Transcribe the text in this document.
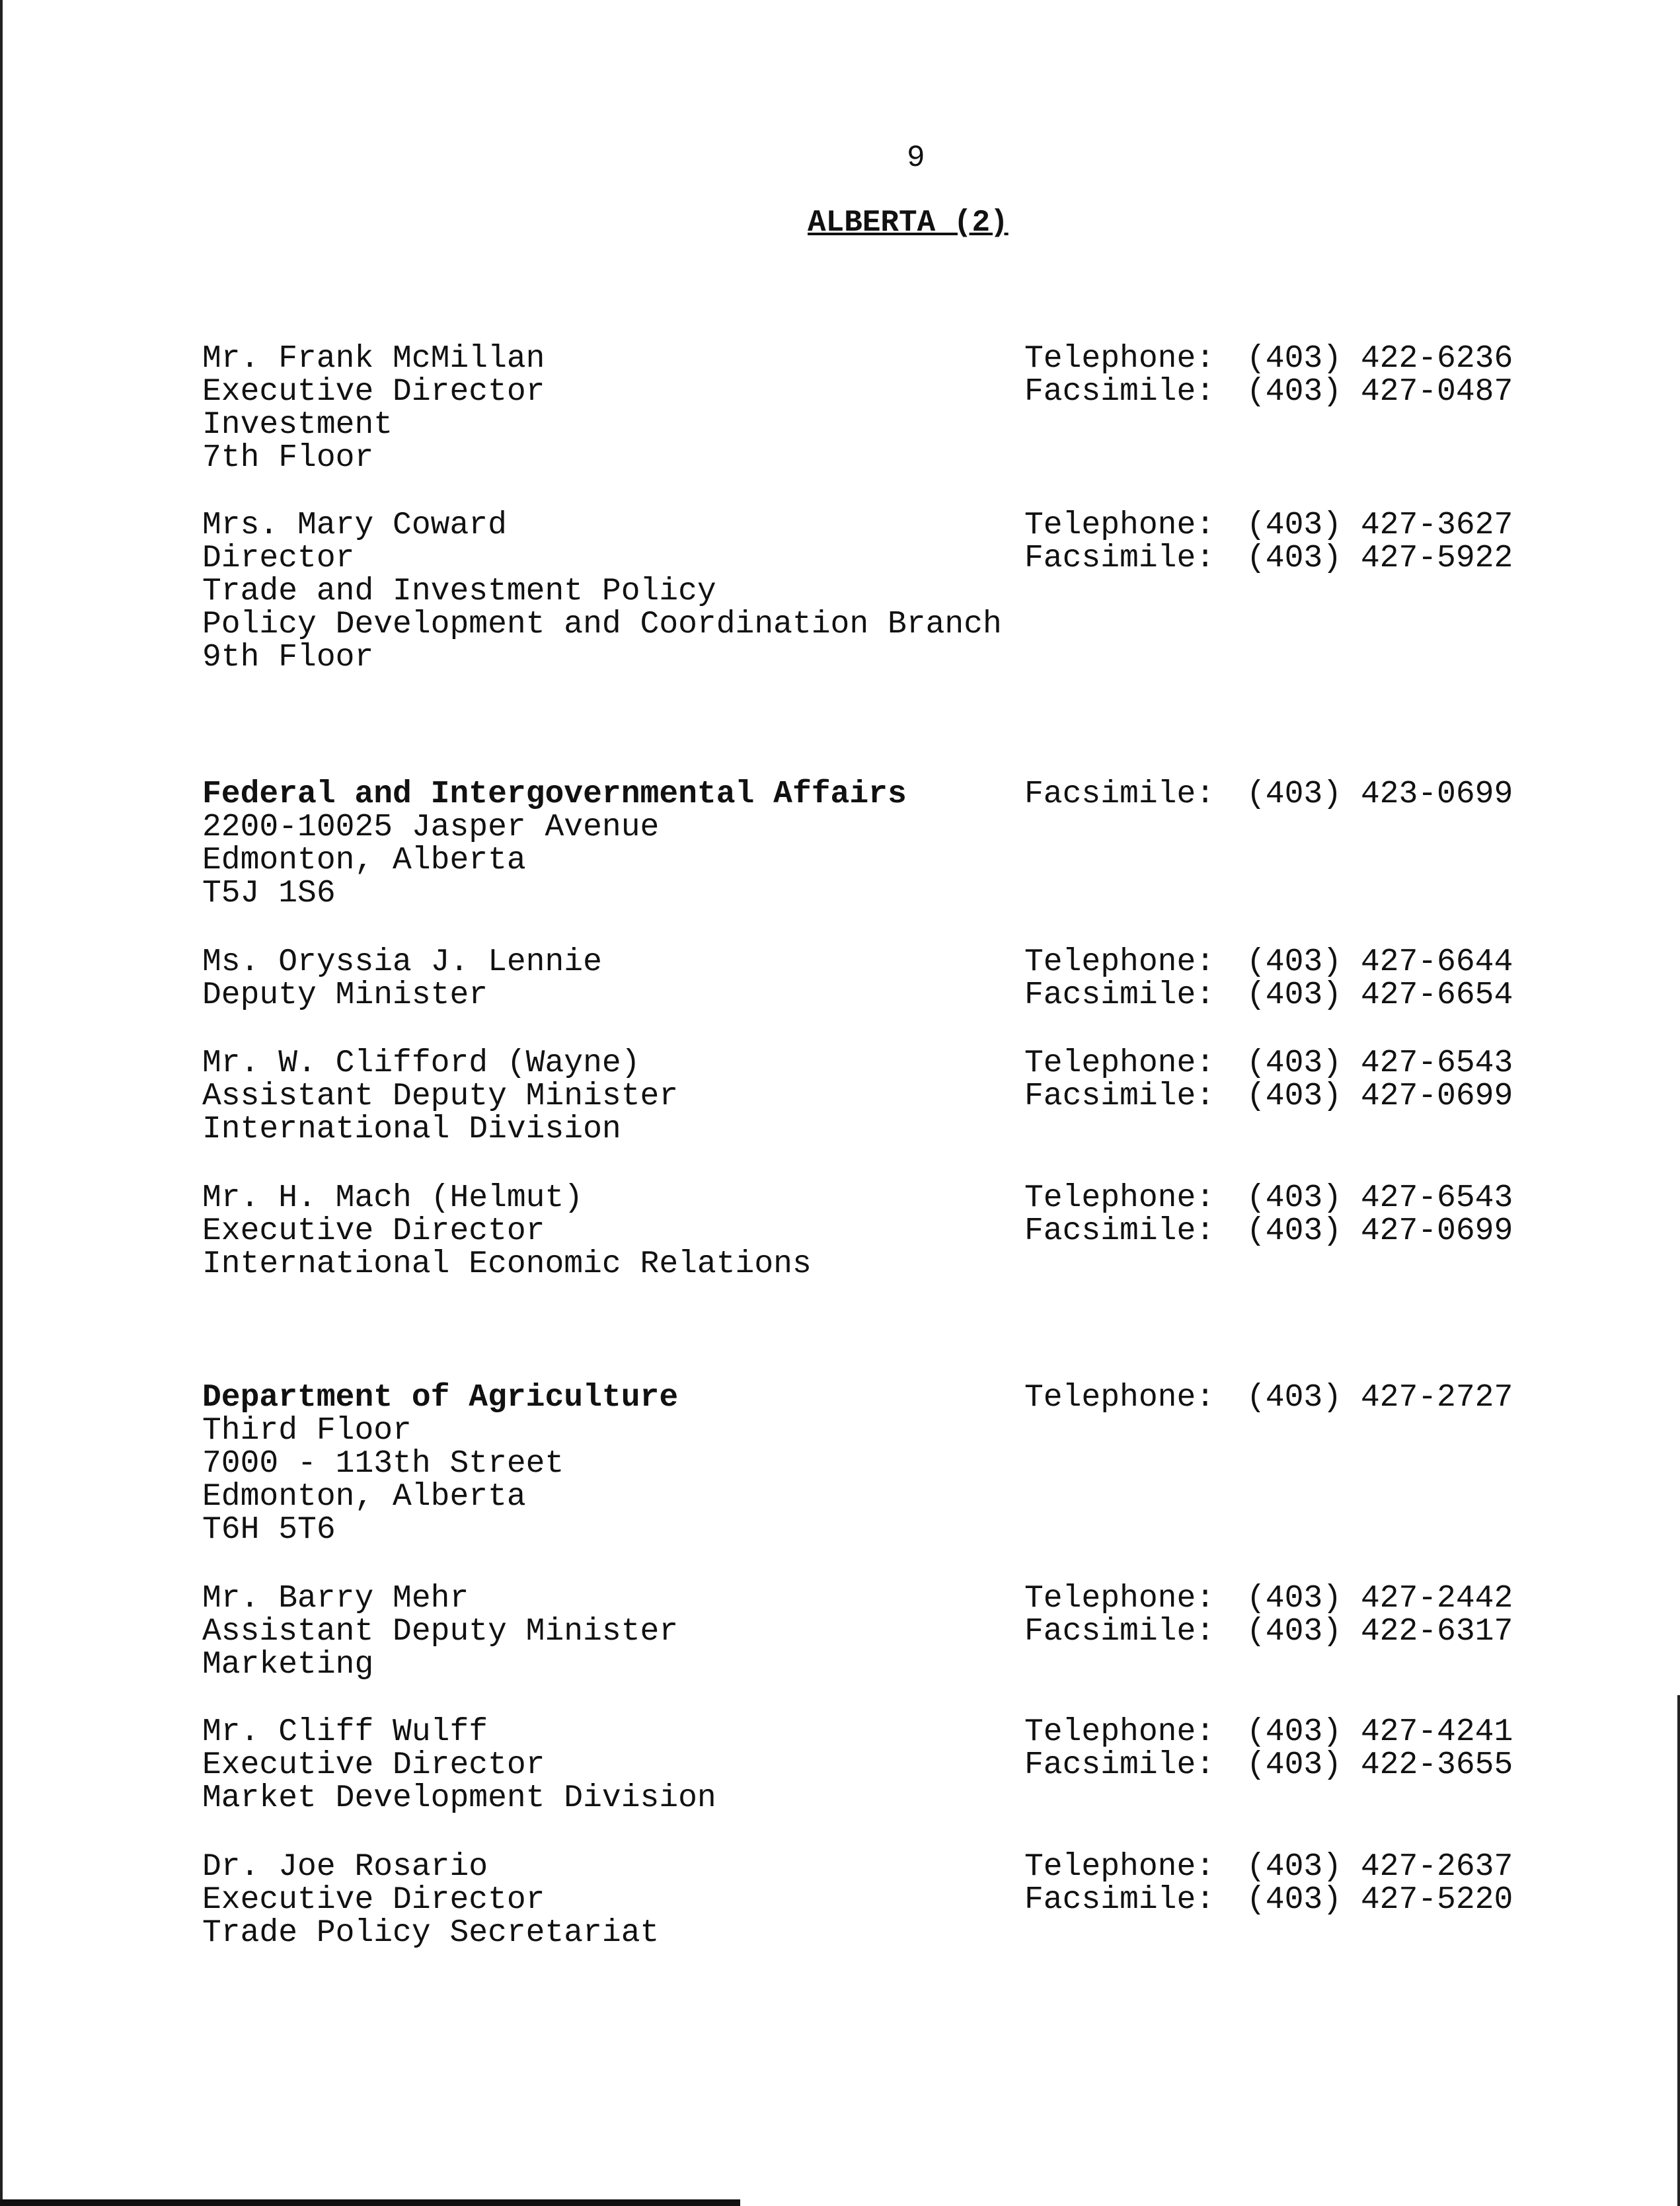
9
ALBERTA (2)
Mr. Frank McMillan
Executive Director
Investment
7th Floor
Telephone: (403) 422-6236
Facsimile: (403) 427-0487
Mrs. Mary Coward
Director
Trade and Investment Policy
Policy Development and Coordination Branch
9th Floor
Telephone: (403) 427-3627
Facsimile: (403) 427-5922
Federal and Intergovernmental Affairs
2200-10025 Jasper Avenue
Edmonton, Alberta
T5J 1S6
Facsimile: (403) 423-0699
Ms. Oryssia J. Lennie
Deputy Minister
Telephone: (403) 427-6644
Facsimile: (403) 427-6654
Mr. W. Clifford (Wayne)
Assistant Deputy Minister
International Division
Telephone: (403) 427-6543
Facsimile: (403) 427-0699
Mr. H. Mach (Helmut)
Executive Director
International Economic Relations
Telephone: (403) 427-6543
Facsimile: (403) 427-0699
Department of Agriculture
Third Floor
7000 - 113th Street
Edmonton, Alberta
T6H 5T6
Telephone: (403) 427-2727
Mr. Barry Mehr
Assistant Deputy Minister
Marketing
Telephone: (403) 427-2442
Facsimile: (403) 422-6317
Mr. Cliff Wulff
Executive Director
Market Development Division
Telephone: (403) 427-4241
Facsimile: (403) 422-3655
Dr. Joe Rosario
Executive Director
Trade Policy Secretariat
Telephone: (403) 427-2637
Facsimile: (403) 427-5220
